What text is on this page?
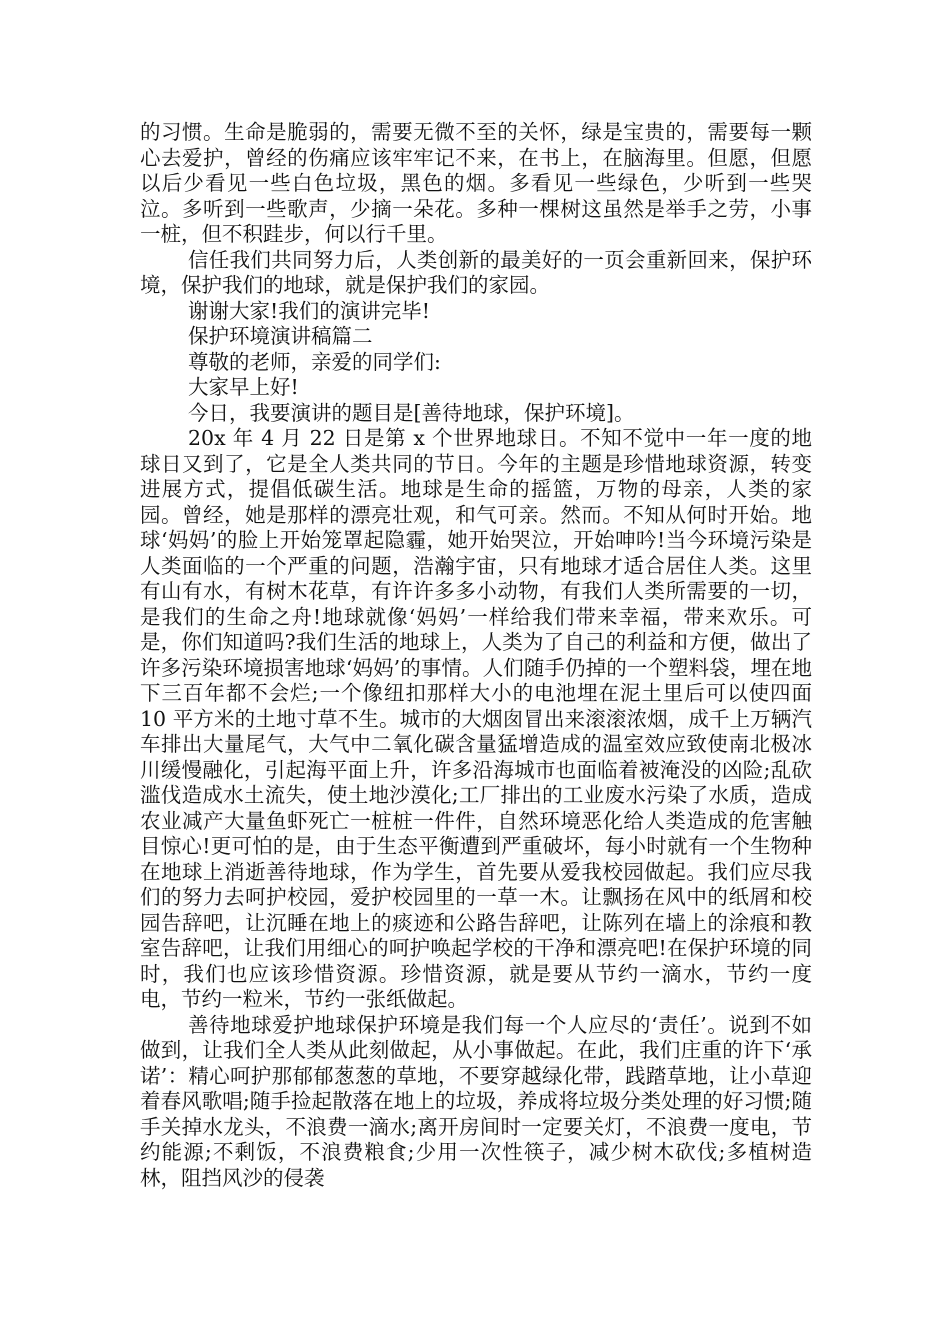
的习惯。生命是脆弱的，需要无微不至的关怀，绿是宝贵的，需要每一颗心去爱护，曾经的伤痛应该牢牢记不来，在书上，在脑海里。但愿，但愿以后少看见一些白色垃圾，黑色的烟。多看见一些绿色，少听到一些哭泣。多听到一些歌声，少摘一朵花。多种一棵树这虽然是举手之劳，小事一桩，但不积跬步，何以行千里。

信任我们共同努力后，人类创新的最美好的一页会重新回来，保护环境，保护我们的地球，就是保护我们的家园。

谢谢大家!我们的演讲完毕!

保护环境演讲稿篇二

尊敬的老师，亲爱的同学们:

大家早上好!

今日，我要演讲的题目是[善待地球，保护环境]。

20x 年 4 月 22 日是第 x 个世界地球日。不知不觉中一年一度的地球日又到了，它是全人类共同的节日。今年的主题是珍惜地球资源，转变进展方式，提倡低碳生活。地球是生命的摇篮，万物的母亲，人类的家园。曾经，她是那样的漂亮壮观，和气可亲。然而。不知从何时开始。地球‘妈妈’的脸上开始笼罩起隐霾，她开始哭泣，开始呻吟!当今环境污染是人类面临的一个严重的问题，浩瀚宇宙，只有地球才适合居住人类。这里有山有水，有树木花草，有许许多多小动物，有我们人类所需要的一切，是我们的生命之舟!地球就像‘妈妈’一样给我们带来幸福，带来欢乐。可是，你们知道吗?我们生活的地球上，人类为了自己的利益和方便，做出了许多污染环境损害地球‘妈妈’的事情。人们随手仍掉的一个塑料袋，埋在地下三百年都不会烂;一个像纽扣那样大小的电池埋在泥土里后可以使四面 10 平方米的土地寸草不生。城市的大烟囱冒出来滚滚浓烟，成千上万辆汽车排出大量尾气，大气中二氧化碳含量猛增造成的温室效应致使南北极冰川缓慢融化，引起海平面上升，许多沿海城市也面临着被淹没的凶险;乱砍滥伐造成水土流失，使土地沙漠化;工厂排出的工业废水污染了水质，造成农业减产大量鱼虾死亡一桩桩一件件，自然环境恶化给人类造成的危害触目惊心!更可怕的是，由于生态平衡遭到严重破坏，每小时就有一个生物种在地球上消逝善待地球，作为学生，首先要从爱我校园做起。我们应尽我们的努力去呵护校园，爱护校园里的一草一木。让飘扬在风中的纸屑和校园告辞吧，让沉睡在地上的痰迹和公路告辞吧，让陈列在墙上的涂痕和教室告辞吧，让我们用细心的呵护唤起学校的干净和漂亮吧!在保护环境的同时，我们也应该珍惜资源。珍惜资源，就是要从节约一滴水，节约一度电，节约一粒米，节约一张纸做起。

善待地球爱护地球保护环境是我们每一个人应尽的‘责任’。说到不如做到，让我们全人类从此刻做起，从小事做起。在此，我们庄重的许下‘承诺’：精心呵护那郁郁葱葱的草地，不要穿越绿化带，践踏草地，让小草迎着春风歌唱;随手捡起散落在地上的垃圾，养成将垃圾分类处理的好习惯;随手关掉水龙头，不浪费一滴水;离开房间时一定要关灯，不浪费一度电，节约能源;不剩饭，不浪费粮食;少用一次性筷子，减少树木砍伐;多植树造林，阻挡风沙的侵袭
